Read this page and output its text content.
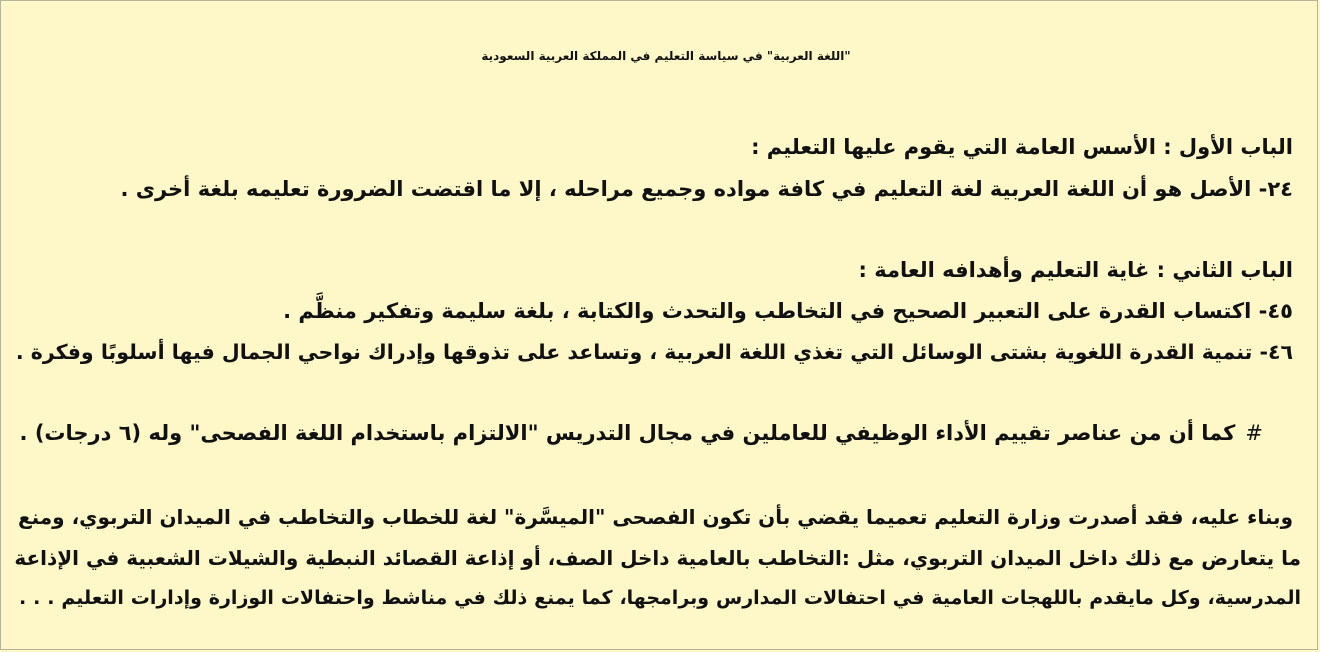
"اللغة العربية" في سياسة التعليم في المملكة العربية السعودية
الباب الأول : الأسس العامة التي يقوم عليها التعليم :
٢٤- الأصل هو أن اللغة العربية لغة التعليم في كافة مواده وجميع مراحله ، إلا ما اقتضت الضرورة تعليمه بلغة أخرى .
الباب الثاني : غاية التعليم وأهدافه العامة :
٤٥- اكتساب القدرة على التعبير الصحيح في التخاطب والتحدث والكتابة ، بلغة سليمة وتفكير منظَّم .
٤٦- تنمية القدرة اللغوية بشتى الوسائل التي تغذي اللغة العربية ، وتساعد على تذوقها وإدراك نواحي الجمال فيها أسلوبًا وفكرة .
#كما أن من عناصر تقييم الأداء الوظيفي للعاملين في مجال التدريس "الالتزام باستخدام اللغة الفصحى" وله (٦ درجات) .
وبناء عليه، فقد أصدرت وزارة التعليم تعميما يقضي بأن تكون الفصحى "الميسَّرة" لغة للخطاب والتخاطب في الميدان التربوي، ومنع
ما يتعارض مع ذلك داخل الميدان التربوي، مثل :التخاطب بالعامية داخل الصف، أو إذاعة القصائد النبطية والشيلات الشعبية في الإذاعة
المدرسية، وكل مايقدم باللهجات العامية في احتفالات المدارس وبرامجها، كما يمنع ذلك في مناشط واحتفالات الوزارة وإدارات التعليم . . .
